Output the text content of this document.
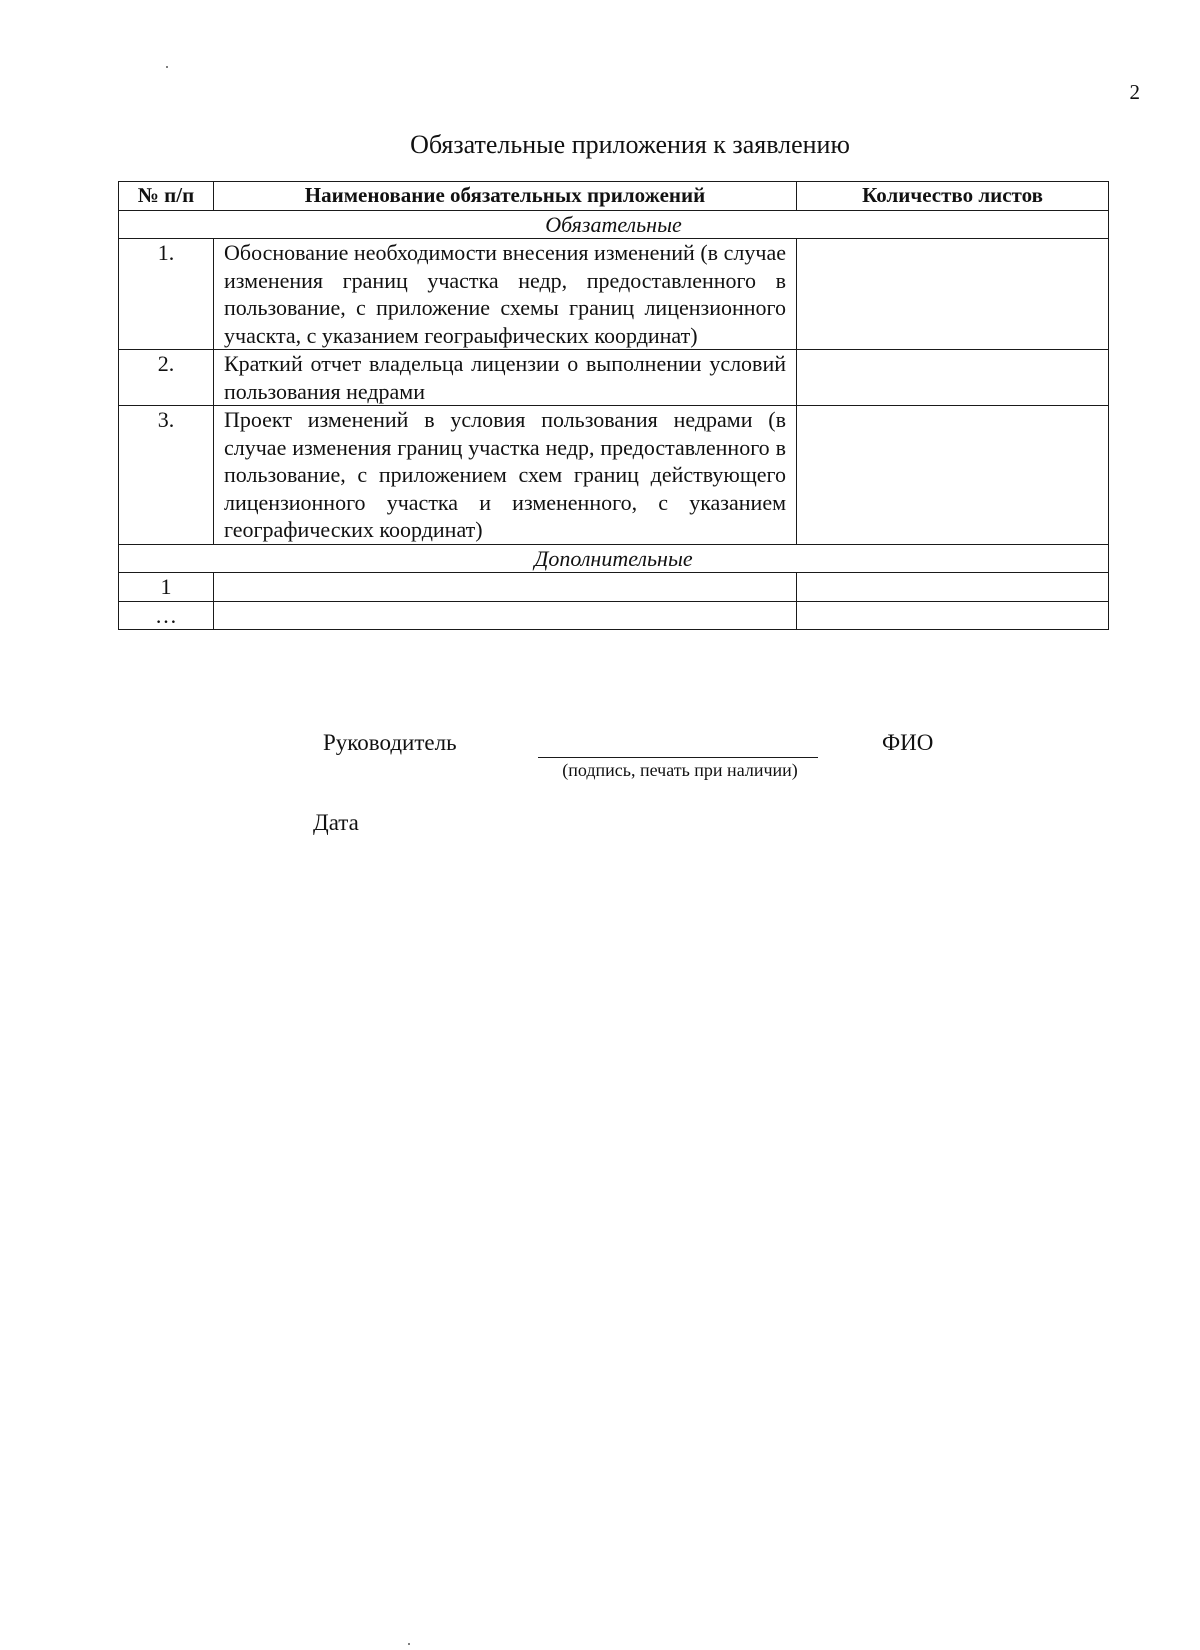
2
Обязательные приложения к заявлению
№ п/п	Наименование обязательных приложений	Количество листов
Обязательные		
1.	Обоснование необходимости внесения изменений (в случае изменения границ участка недр, предоставленного в пользование, с приложение схемы границ лицензионного учаскта, с указанием геограыфических координат)	
2.	Краткий отчет владельца лицензии о выполнении условий пользования недрами	
3.	Проект изменений в условия пользования недрами (в случае изменения границ участка недр, предоставленного в пользование, с приложением схем границ действующего лицензионного участка и измененного, с указанием географических координат)	
Дополнительные		
1		
…		
Руководитель
(подпись, печать при наличии)
ФИО
Дата
